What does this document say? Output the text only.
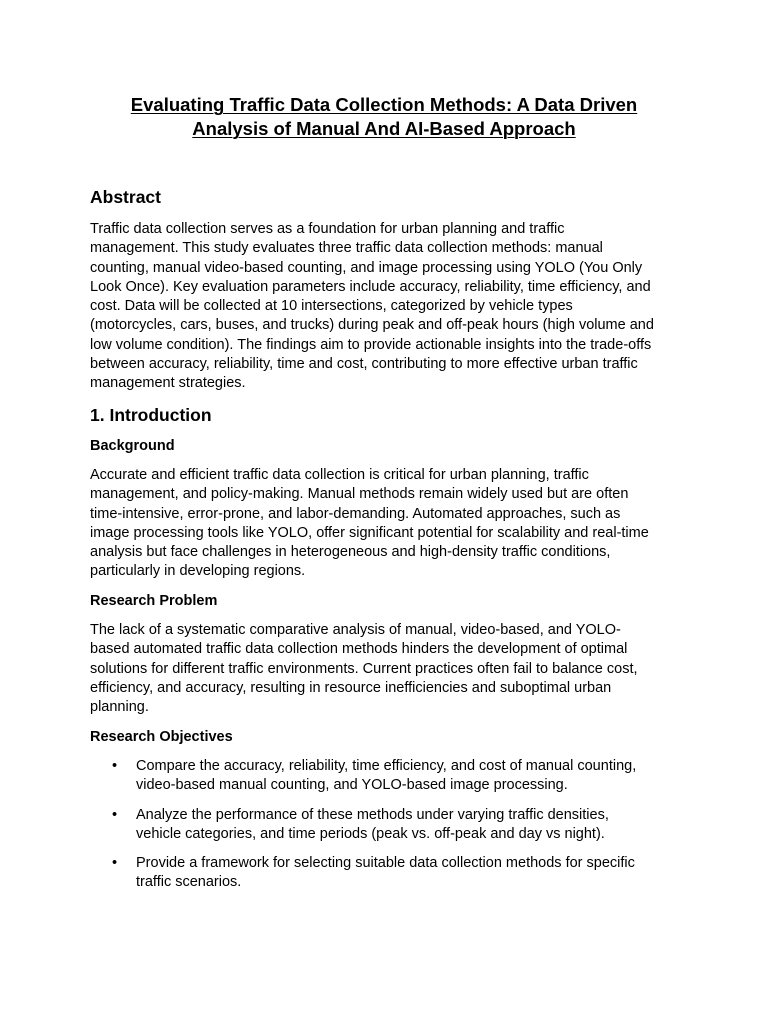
Evaluating Traffic Data Collection Methods: A Data Driven
Analysis of Manual And AI-Based Approach
Abstract

Traffic data collection serves as a foundation for urban planning and traffic
management. This study evaluates three traffic data collection methods: manual
counting, manual video-based counting, and image processing using YOLO (You Only
Look Once). Key evaluation parameters include accuracy, reliability, time efficiency, and
cost. Data will be collected at 10 intersections, categorized by vehicle types
(motorcycles, cars, buses, and trucks) during peak and off-peak hours (high volume and
low volume condition). The findings aim to provide actionable insights into the trade-offs
between accuracy, reliability, time and cost, contributing to more effective urban traffic
management strategies.

1. Introduction
Background

Accurate and efficient traffic data collection is critical for urban planning, traffic
management, and policy-making. Manual methods remain widely used but are often
time-intensive, error-prone, and labor-demanding. Automated approaches, such as
image processing tools like YOLO, offer significant potential for scalability and real-time
analysis but face challenges in heterogeneous and high-density traffic conditions,
particularly in developing regions.

Research Problem

The lack of a systematic comparative analysis of manual, video-based, and YOLO-
based automated traffic data collection methods hinders the development of optimal
solutions for different traffic environments. Current practices often fail to balance cost,
efficiency, and accuracy, resulting in resource inefficiencies and suboptimal urban
planning.

Research Objectives
• Compare the accuracy, reliability, time efficiency, and cost of manual counting,
video-based manual counting, and YOLO-based image processing.
• Analyze the performance of these methods under varying traffic densities,
vehicle categories, and time periods (peak vs. off-peak and day vs night).
• Provide a framework for selecting suitable data collection methods for specific
traffic scenarios.
